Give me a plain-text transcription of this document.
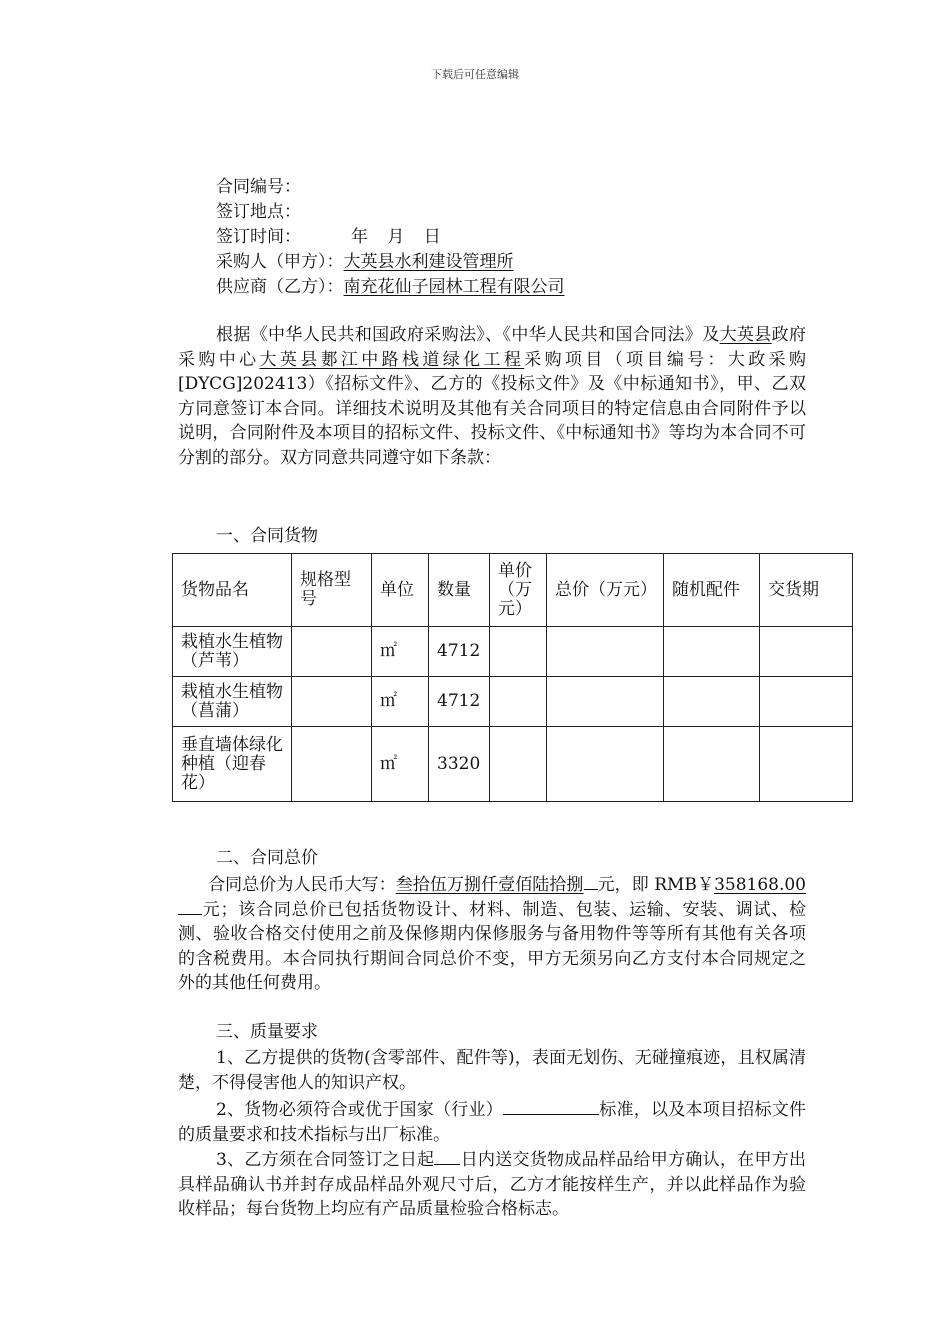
下载后可任意编辑
合同编号：
签订地点：
签订时间：	年 月 日
采购人（甲方）：大英县水利建设管理所
供应商（乙方）：南充花仙子园林工程有限公司
根据《中华人民共和国政府采购法》、《中华人民共和国合同法》及大英县政府采购中心大英县郪江中路栈道绿化工程采购项目（项目编号：大政采购[DYCG]202413）《招标文件》、乙方的《投标文件》及《中标通知书》，甲、乙双方同意签订本合同。详细技术说明及其他有关合同项目的特定信息由合同附件予以说明，合同附件及本项目的招标文件、投标文件、《中标通知书》等均为本合同不可分割的部分。双方同意共同遵守如下条款：
一、合同货物
货物品名	规格型号	单位	数量	单价（万元）	总价（万元）	随机配件	交货期
栽植水生植物（芦苇）		㎡	4712				
栽植水生植物（菖蒲）		㎡	4712				
垂直墙体绿化种植（迎春花）		㎡	3320				
二、合同总价
合同总价为人民币大写：叁拾伍万捌仟壹佰陆拾捌 元，即 RMB￥358168.00元；该合同总价已包括货物设计、材料、制造、包装、运输、安装、调试、检测、验收合格交付使用之前及保修期内保修服务与备用物件等等所有其他有关各项的含税费用。本合同执行期间合同总价不变，甲方无须另向乙方支付本合同规定之外的其他任何费用。
三、质量要求
1、乙方提供的货物(含零部件、配件等)，表面无划伤、无碰撞痕迹，且权属清楚，不得侵害他人的知识产权。
2、货物必须符合或优于国家（行业）	标准，以及本项目招标文件的质量要求和技术指标与出厂标准。
3、乙方须在合同签订之日起 日内送交货物成品样品给甲方确认，在甲方出具样品确认书并封存成品样品外观尺寸后，乙方才能按样生产，并以此样品作为验收样品；每台货物上均应有产品质量检验合格标志。
